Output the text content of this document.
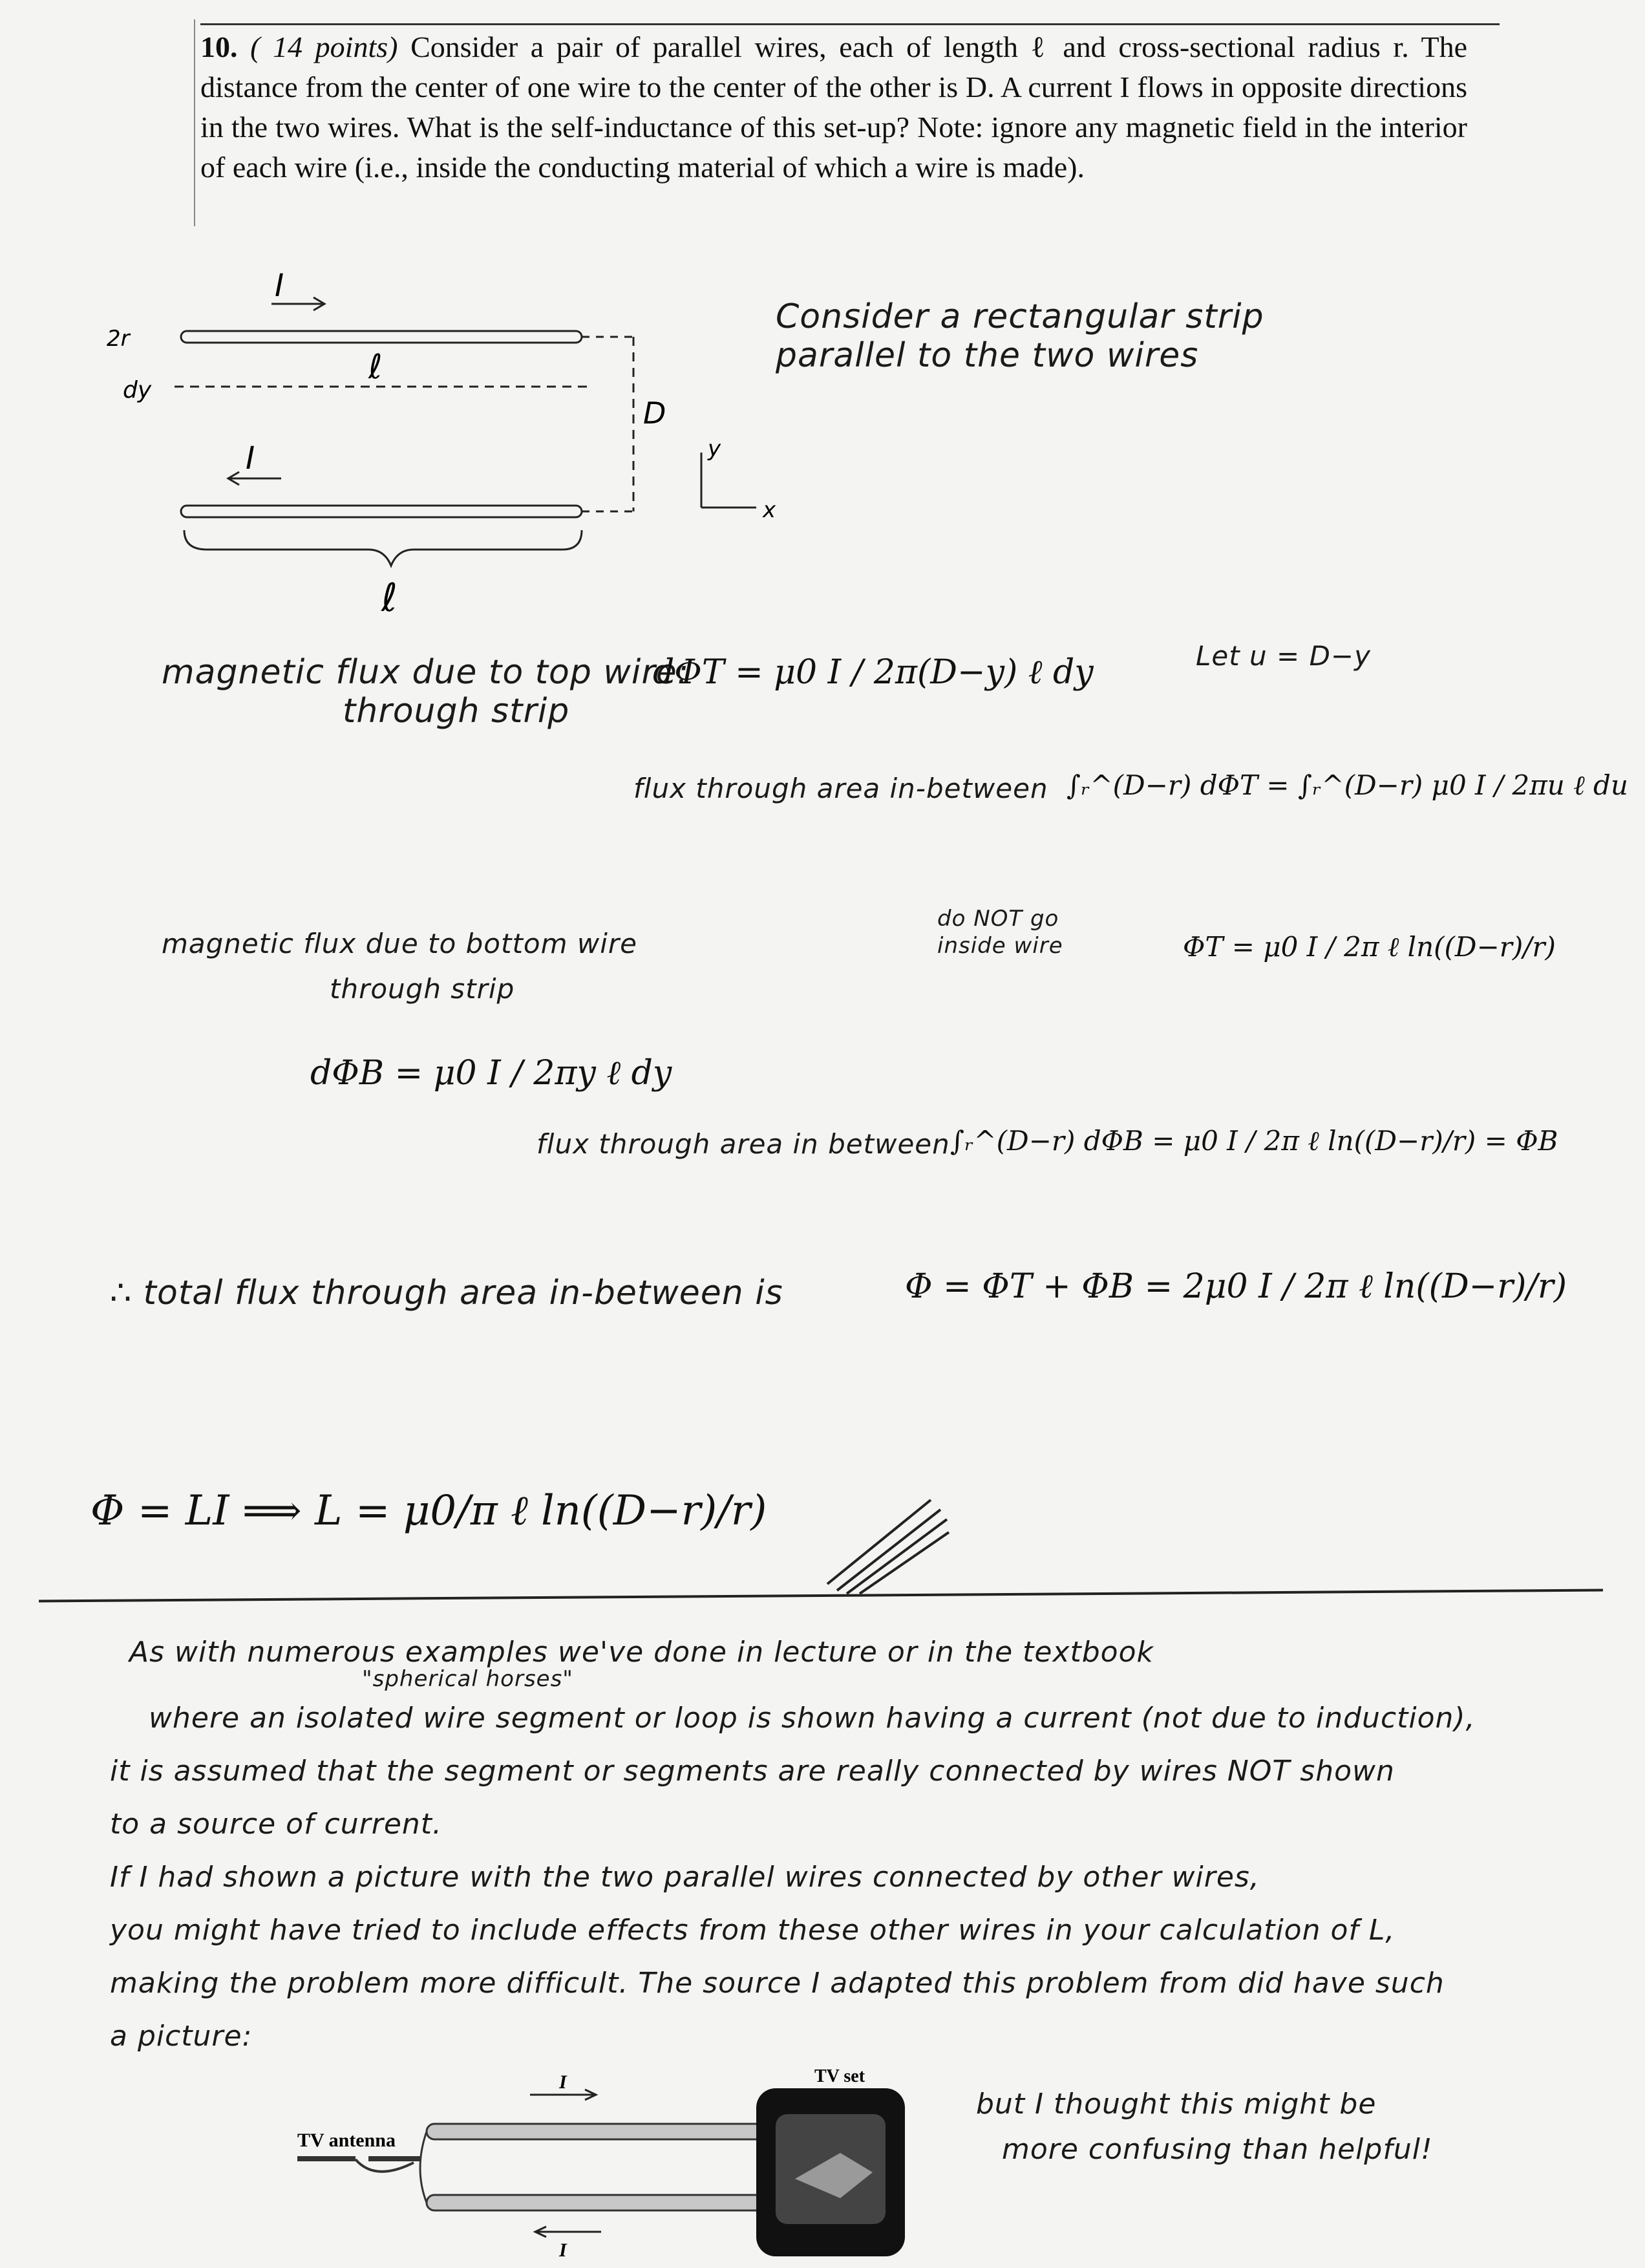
10. ( 14 points) Consider a pair of parallel wires, each of length ℓ and cross-sectional radius r. The distance from the center of one wire to the center of the other is D. A current I flows in opposite directions in the two wires. What is the self-inductance of this set-up? Note: ignore any magnetic field in the interior of each wire (i.e., inside the conducting material of which a wire is made).
I
I
2r
dy
ℓ
ℓ
D
y
x
Consider a rectangular strip
parallel to the two wires
magnetic flux due to top wire:
through strip
dΦT = μ0 I / 2π(D−y) ℓ dy	Let u = D−y
flux through area in-between ∫ᵣ^(D−r) dΦT = ∫ᵣ^(D−r) μ0 I / 2πu ℓ du
do NOT go
inside wire	ΦT = μ0 I / 2π ℓ ln((D−r)/r)
magnetic flux due to bottom wire
through strip
dΦB = μ0 I / 2πy ℓ dy
flux through area in between ∫ᵣ^(D−r) dΦB = μ0 I / 2π ℓ ln((D−r)/r) = ΦB
∴ total flux through area in-between is	Φ = ΦT + ΦB = 2μ0 I / 2π ℓ ln((D−r)/r)
Φ = LI ⟹ L = μ0/π ℓ ln((D−r)/r)
As with numerous examples we've done in lecture or in the textbook
"spherical horses"
where an isolated wire segment or loop is shown having a current (not due to induction),
it is assumed that the segment or segments are really connected by wires NOT shown
to a source of current.
If I had shown a picture with the two parallel wires connected by other wires,
you might have tried to include effects from these other wires in your calculation of L,
making the problem more difficult. The source I adapted this problem from did have such
a picture:
but I thought this might be
more confusing than helpful!
TV antenna
I
I
TV set
